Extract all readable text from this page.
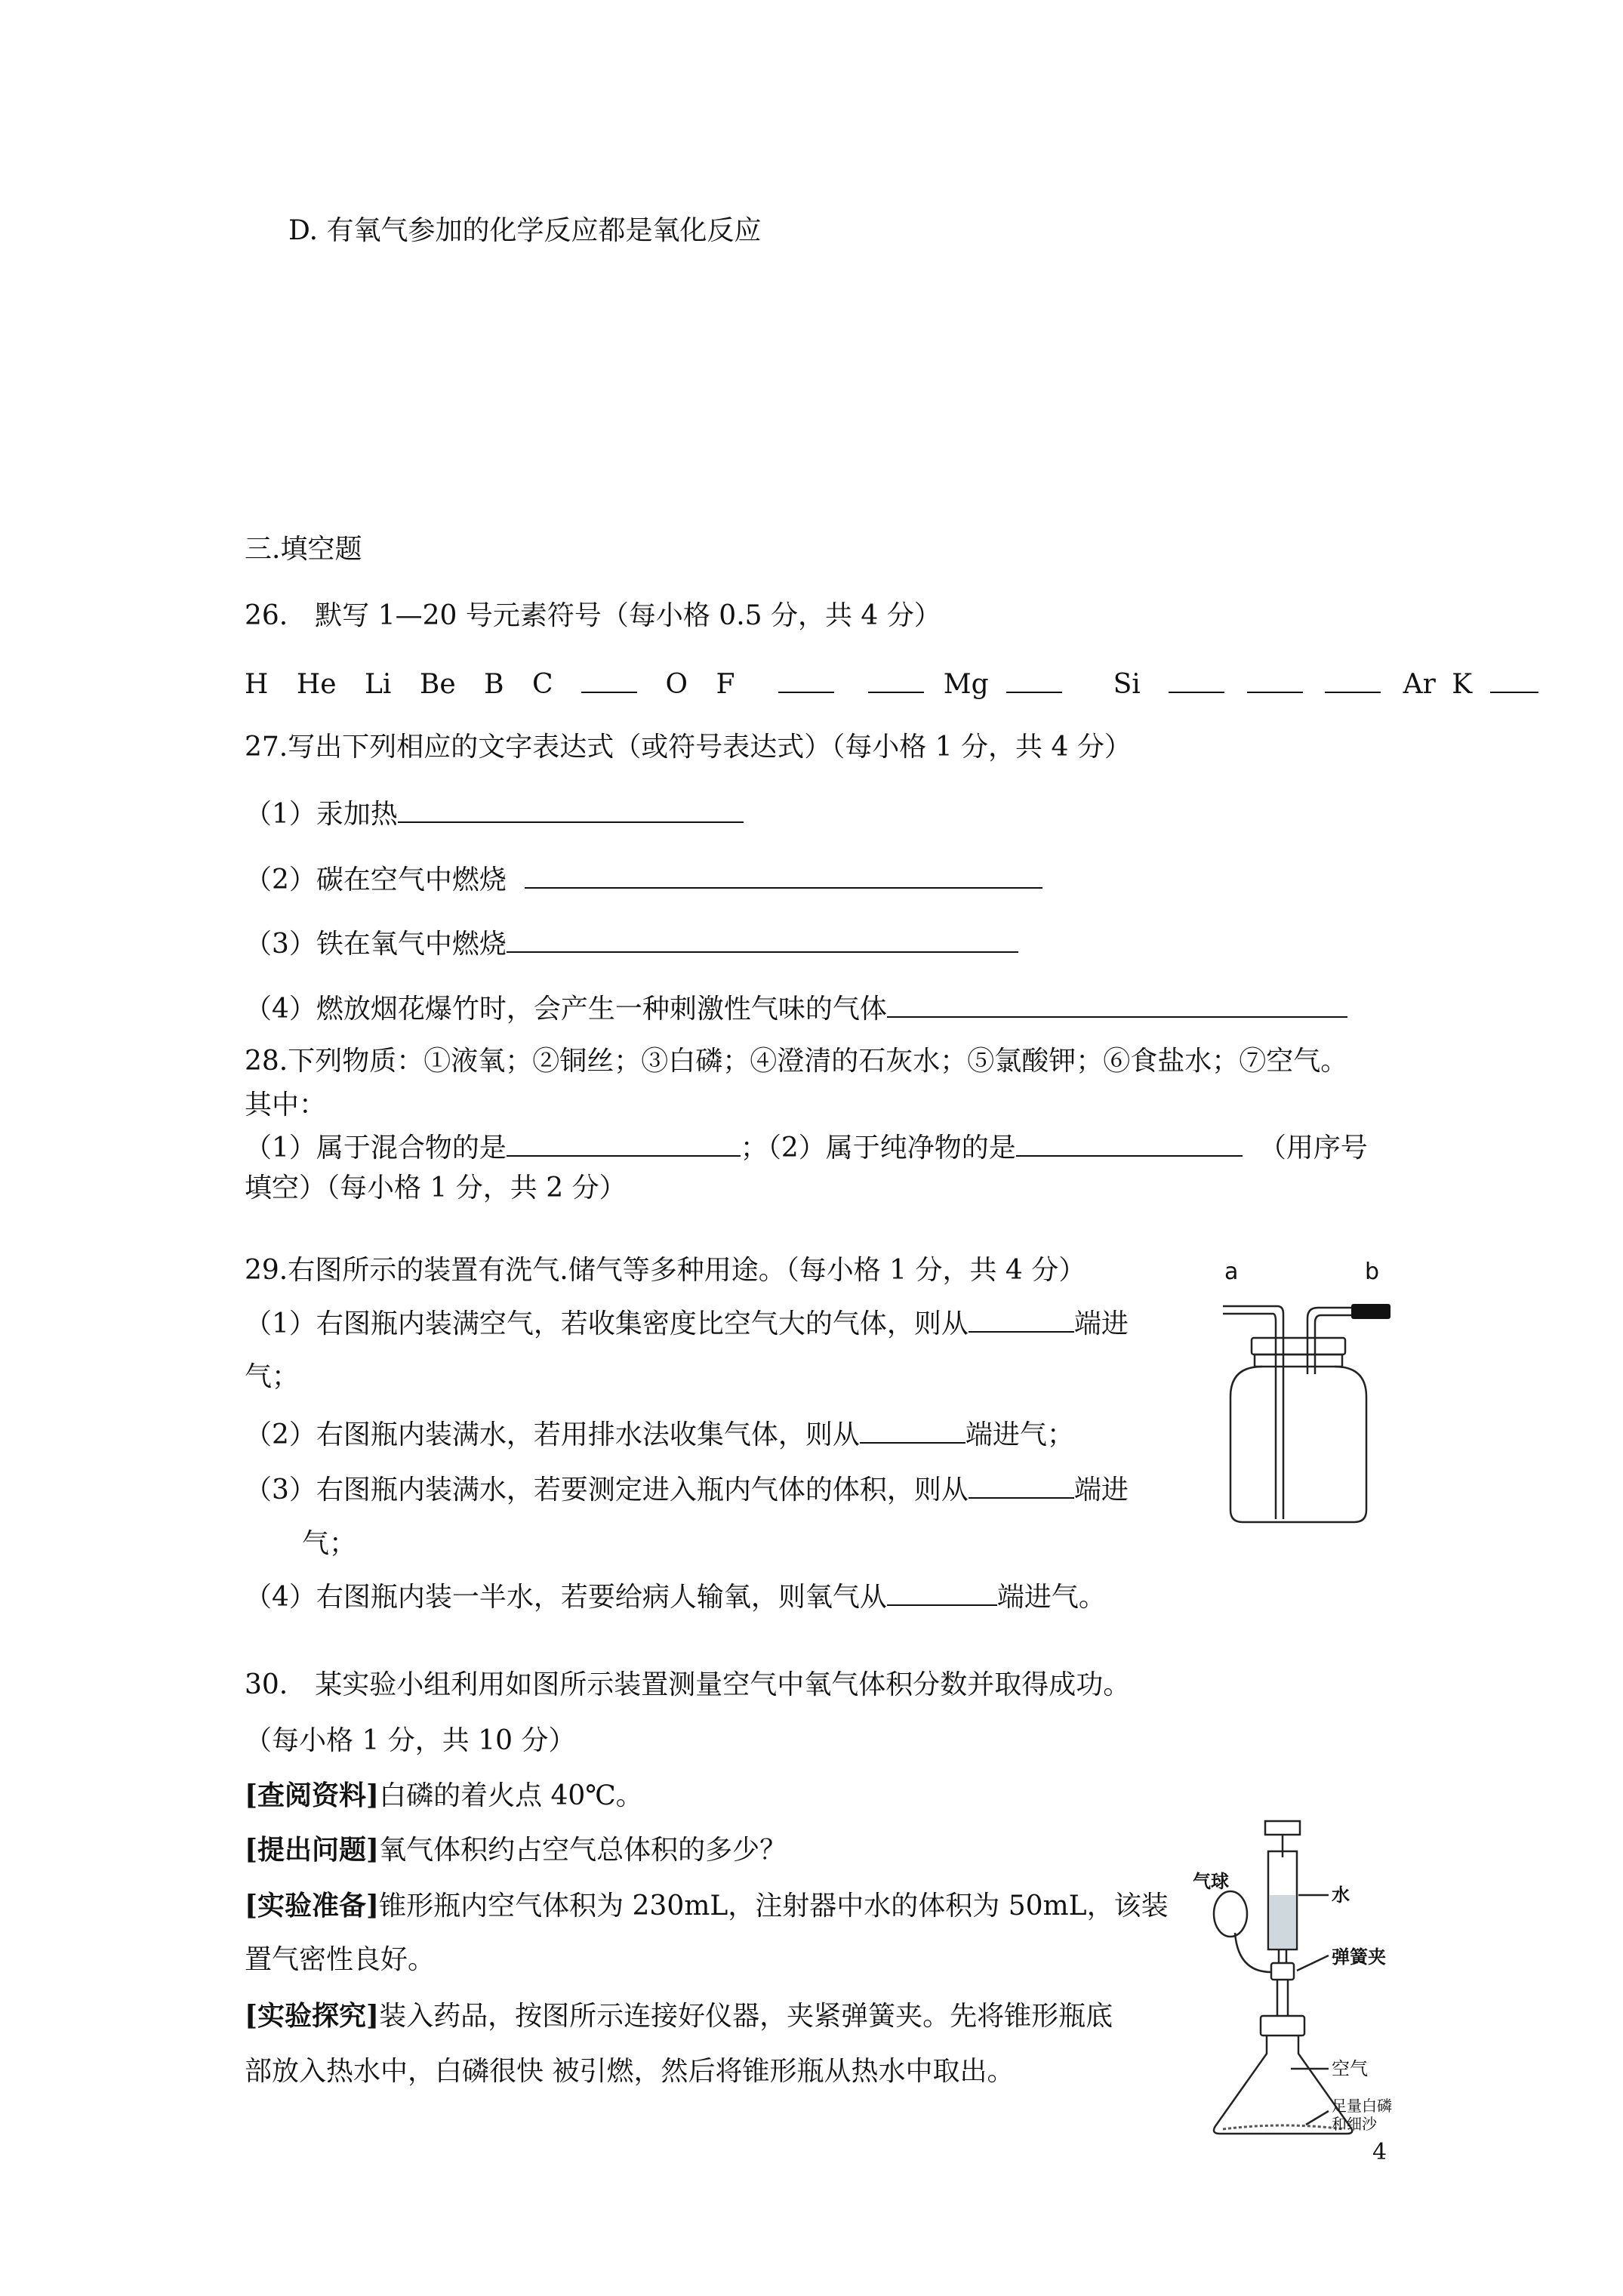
D. 有氧气参加的化学反应都是氧化反应
三.填空题
26.　默写 1—20 号元素符号（每小格 0.5 分，共 4 分）
H He Li Be B C	O F	Mg	Si	Ar K
27.写出下列相应的文字表达式（或符号表达式）（每小格 1 分，共 4 分）
（1）汞加热
（2）碳在空气中燃烧
（3）铁在氧气中燃烧
（4）燃放烟花爆竹时，会产生一种刺激性气味的气体
28.下列物质：①液氧；②铜丝；③白磷；④澄清的石灰水；⑤氯酸钾；⑥食盐水；⑦空气。
其中：
（1）属于混合物的是	；（2）属于纯净物的是	（用序号
填空）（每小格 1 分，共 2 分）
29.右图所示的装置有洗气.储气等多种用途。（每小格 1 分，共 4 分）
（1）右图瓶内装满空气，若收集密度比空气大的气体，则从	端进
气；
（2）右图瓶内装满水，若用排水法收集气体，则从	端进气；
（3）右图瓶内装满水，若要测定进入瓶内气体的体积，则从	端进
气；
（4）右图瓶内装一半水，若要给病人输氧，则氧气从	端进气。
a	b
30.　某实验小组利用如图所示装置测量空气中氧气体积分数并取得成功。
（每小格 1 分，共 10 分）
[查阅资料]白磷的着火点 40℃。
[提出问题]氧气体积约占空气总体积的多少？
[实验准备]锥形瓶内空气体积为 230mL，注射器中水的体积为 50mL，该装
置气密性良好。
[实验探究]装入药品，按图所示连接好仪器，夹紧弹簧夹。先将锥形瓶底
部放入热水中，白磷很快 被引燃，然后将锥形瓶从热水中取出。
气球
水
弹簧夹
空气
足量白磷
和细沙
4
